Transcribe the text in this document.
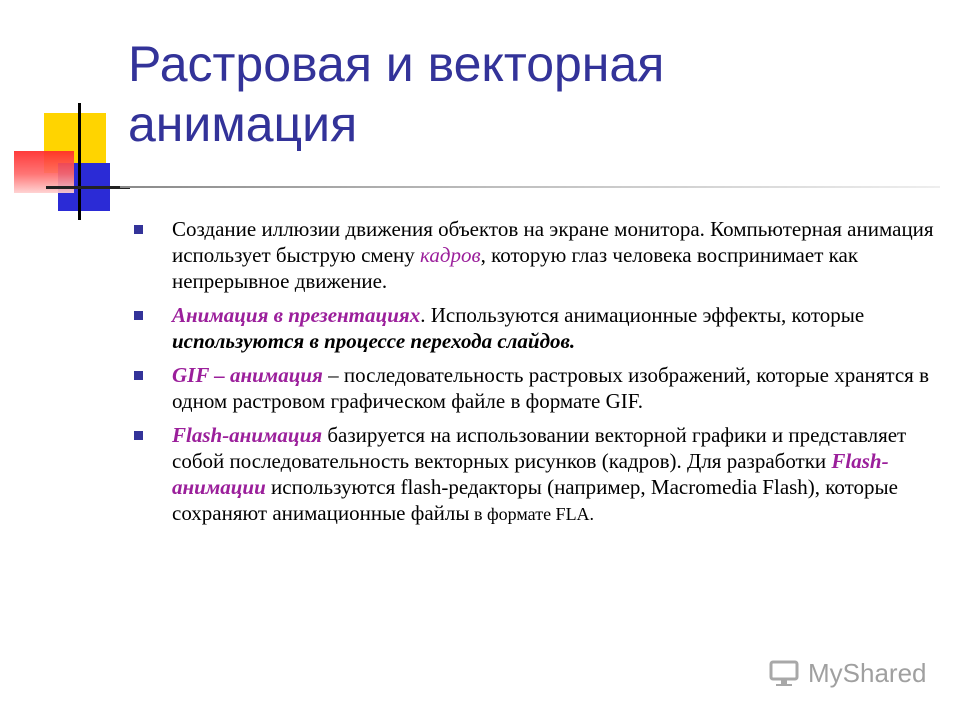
Растровая и векторная
анимация
Создание иллюзии движения объектов на экране монитора. Компьютерная анимация использует быструю смену кадров, которую глаз человека воспринимает как непрерывное движение.
Анимация в презентациях. Используются анимационные эффекты, которые используются в процессе перехода слайдов.
GIF – анимация – последовательность растровых изображений, которые хранятся в одном растровом графическом файле в формате GIF.
Flash-анимация базируется на использовании векторной графики и представляет собой последовательность векторных рисунков (кадров). Для разработки Flash-анимации используются flash-редакторы (например, Macromedia Flash), которые сохраняют анимационные файлы в формате FLA.
MyShared
